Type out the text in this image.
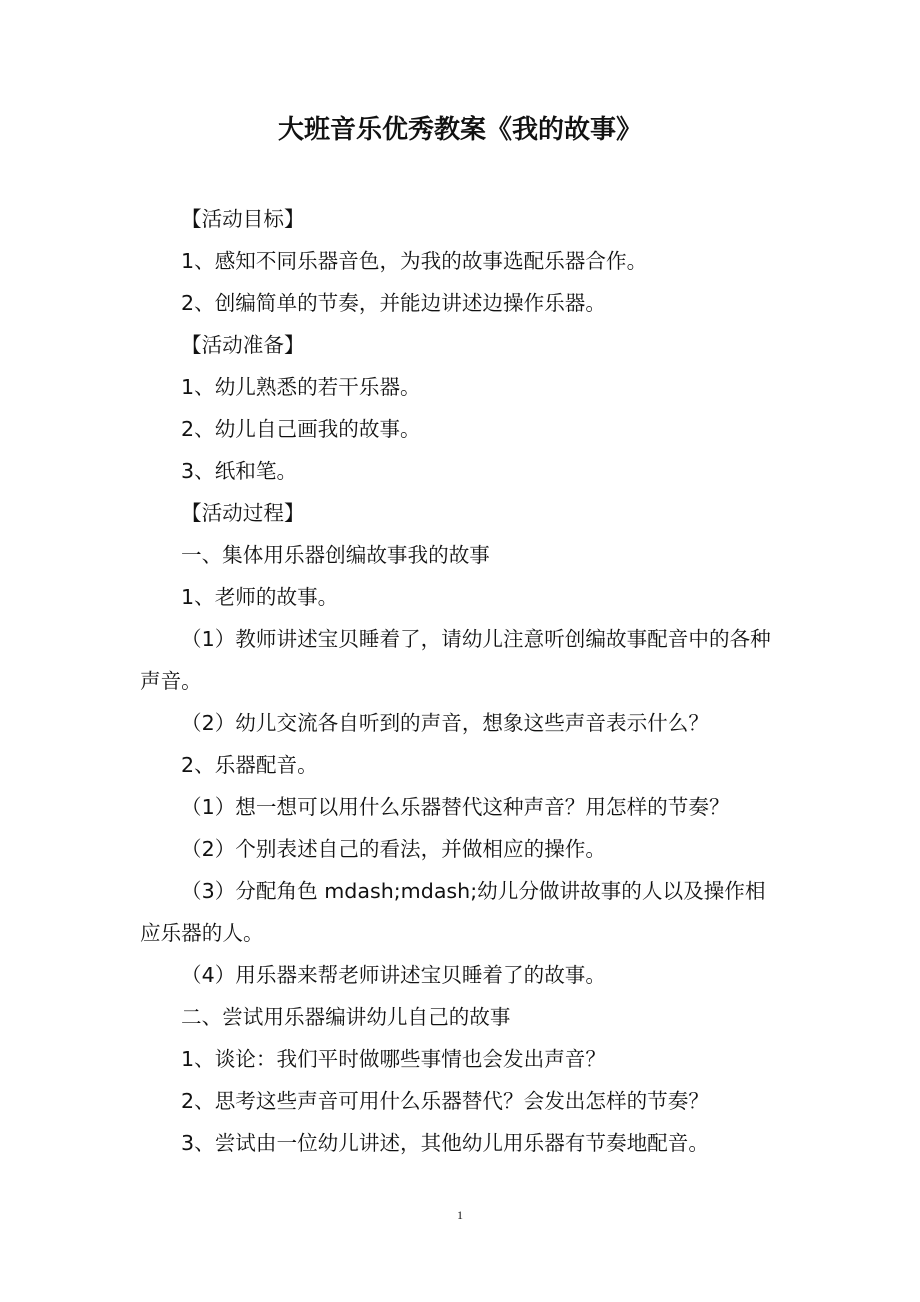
大班音乐优秀教案《我的故事》

【活动目标】

1、感知不同乐器音色，为我的故事选配乐器合作。

2、创编简单的节奏，并能边讲述边操作乐器。

【活动准备】

1、幼儿熟悉的若干乐器。

2、幼儿自己画我的故事。

3、纸和笔。

【活动过程】

一、集体用乐器创编故事我的故事

1、老师的故事。

（1）教师讲述宝贝睡着了，请幼儿注意听创编故事配音中的各种声音。

（2）幼儿交流各自听到的声音，想象这些声音表示什么？

2、乐器配音。

（1）想一想可以用什么乐器替代这种声音？用怎样的节奏？

（2）个别表述自己的看法，并做相应的操作。

（3）分配角色 mdash;mdash;幼儿分做讲故事的人以及操作相应乐器的人。

（4）用乐器来帮老师讲述宝贝睡着了的故事。

二、尝试用乐器编讲幼儿自己的故事

1、谈论：我们平时做哪些事情也会发出声音？

2、思考这些声音可用什么乐器替代？会发出怎样的节奏？

3、尝试由一位幼儿讲述，其他幼儿用乐器有节奏地配音。

1
